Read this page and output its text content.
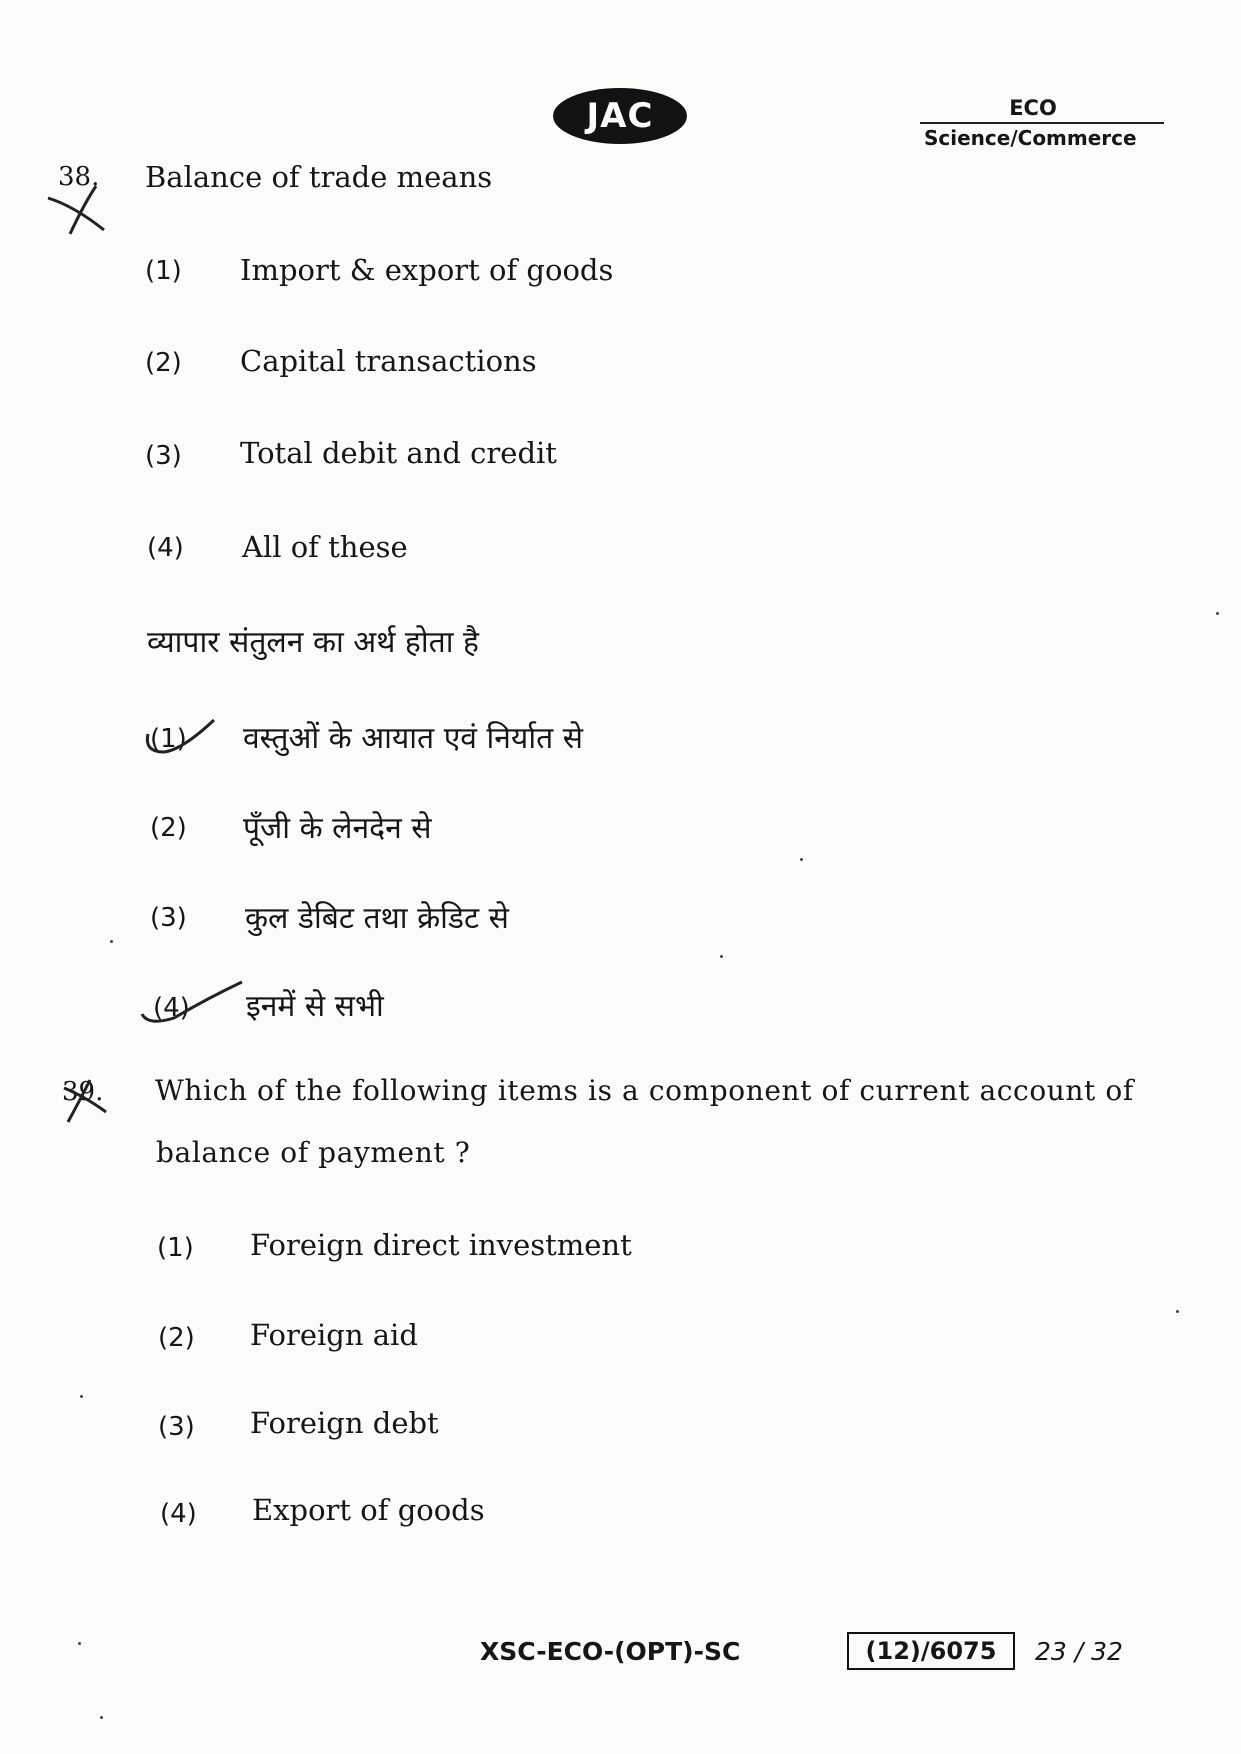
JAC	ECO
Science/Commerce
38. Balance of trade means
(1) Import & export of goods
(2) Capital transactions
(3) Total debit and credit
(4) All of these
व्यापार संतुलन का अर्थ होता है
(1) वस्तुओं के आयात एवं निर्यात से
(2) पूँजी के लेनदेन से
(3) कुल डेबिट तथा क्रेडिट से
(4) इनमें से सभी
39. Which of the following items is a component of current account of
balance of payment ?
(1) Foreign direct investment
(2) Foreign aid
(3) Foreign debt
(4) Export of goods
XSC-ECO-(OPT)-SC	(12)/6075 23 / 32
